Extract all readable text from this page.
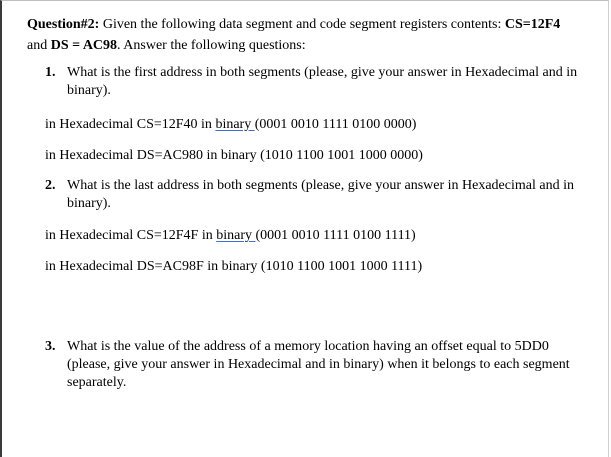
Question#2: Given the following data segment and code segment registers contents: CS=12F4
and DS = AC98. Answer the following questions:
1. What is the first address in both segments (please, give your answer in Hexadecimal and in binary).
in Hexadecimal CS=12F40 in binary (0001 0010 1111 0100 0000)
in Hexadecimal DS=AC980 in binary (1010 1100 1001 1000 0000)
2. What is the last address in both segments (please, give your answer in Hexadecimal and in binary).
in Hexadecimal CS=12F4F in binary (0001 0010 1111 0100 1111)
in Hexadecimal DS=AC98F in binary (1010 1100 1001 1000 1111)
3. What is the value of the address of a memory location having an offset equal to 5DD0 (please, give your answer in Hexadecimal and in binary) when it belongs to each segment separately.
